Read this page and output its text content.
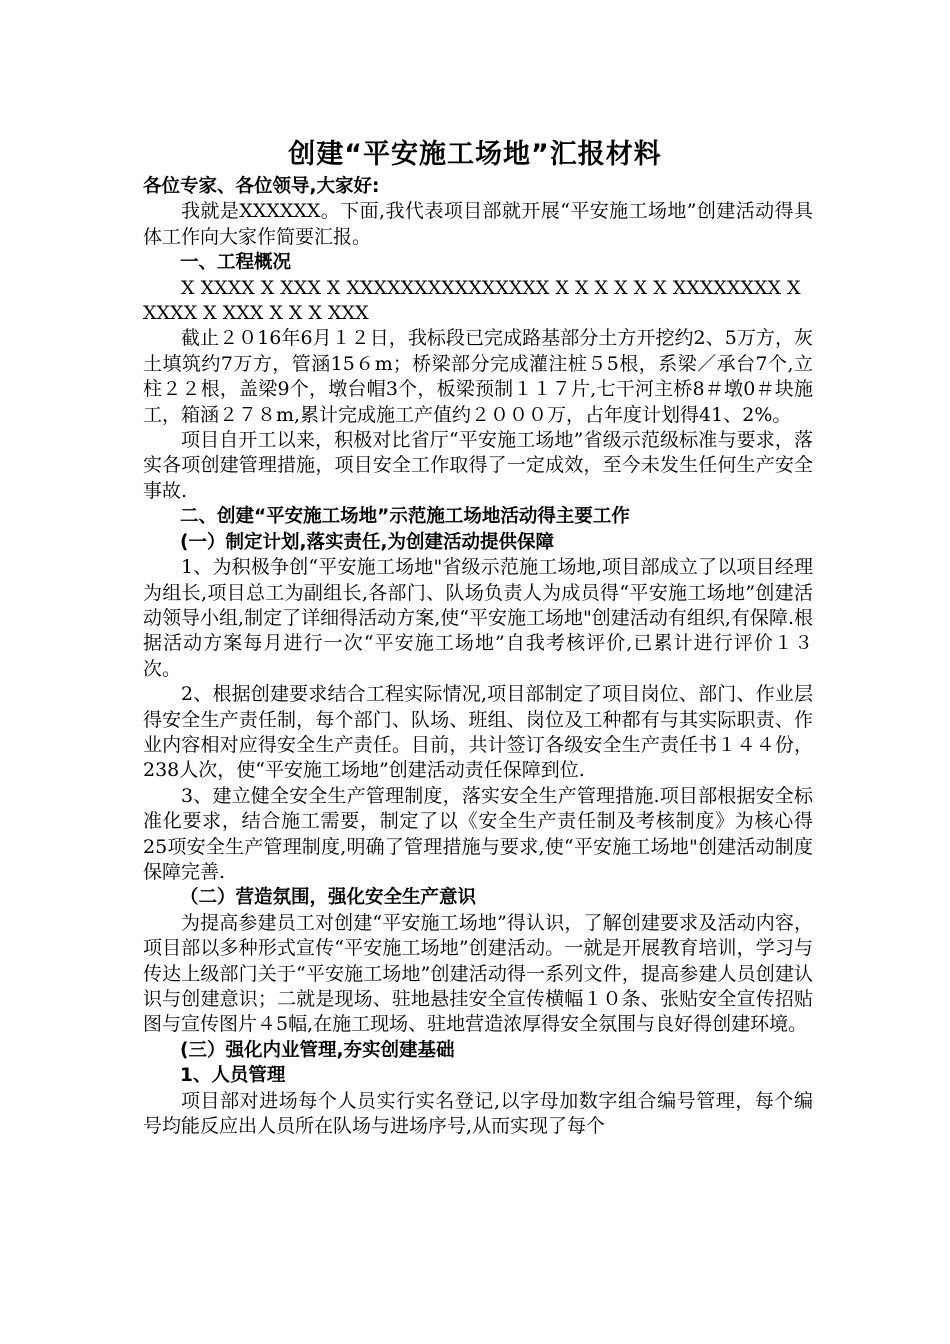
创建“平安施工场地”汇报材料

各位专家、各位领导,大家好:

我就是XXXXXX。下面,我代表项目部就开展“平安施工场地”创建活动得具体工作向大家作简要汇报。

一、工程概况

X XXXX X XXX X XXXXXXXXXXXXXXX X X X X X X XXXXXXXX X

XXXX X XXX X X X XXX

截止２０16年6月１２日，我标段已完成路基部分土方开挖约2、5万方，灰土填筑约7万方，管涵15６m；桥梁部分完成灌注桩５5根，系梁／承台7个,立柱２２根，盖梁9个，墩台帽3个，板梁预制１１７片,七干河主桥8＃墩0＃块施工，箱涵２７８m,累计完成施工产值约２０００万，占年度计划得41、2%。

项目自开工以来，积极对比省厅“平安施工场地”省级示范级标准与要求，落实各项创建管理措施，项目安全工作取得了一定成效，至今未发生任何生产安全事故.

二、创建“平安施工场地”示范施工场地活动得主要工作

(一）制定计划,落实责任,为创建活动提供保障

1、为积极争创“平安施工场地"省级示范施工场地,项目部成立了以项目经理为组长,项目总工为副组长,各部门、队场负责人为成员得“平安施工场地”创建活动领导小组,制定了详细得活动方案,使“平安施工场地"创建活动有组织,有保障.根据活动方案每月进行一次“平安施工场地”自我考核评价,已累计进行评价１３次。

2、根据创建要求结合工程实际情况,项目部制定了项目岗位、部门、作业层得安全生产责任制，每个部门、队场、班组、岗位及工种都有与其实际职责、作业内容相对应得安全生产责任。目前，共计签订各级安全生产责任书１４４份，238人次，使“平安施工场地”创建活动责任保障到位.

3、建立健全安全生产管理制度，落实安全生产管理措施.项目部根据安全标准化要求，结合施工需要，制定了以《安全生产责任制及考核制度》为核心得25项安全生产管理制度,明确了管理措施与要求,使“平安施工场地"创建活动制度保障完善.

（二）营造氛围，强化安全生产意识

为提高参建员工对创建“平安施工场地”得认识，了解创建要求及活动内容，项目部以多种形式宣传“平安施工场地”创建活动。一就是开展教育培训，学习与传达上级部门关于“平安施工场地”创建活动得一系列文件，提高参建人员创建认识与创建意识；二就是现场、驻地悬挂安全宣传横幅１０条、张贴安全宣传招贴图与宣传图片４5幅,在施工现场、驻地营造浓厚得安全氛围与良好得创建环境。

(三）强化内业管理,夯实创建基础

1、人员管理

项目部对进场每个人员实行实名登记,以字母加数字组合编号管理，每个编号均能反应出人员所在队场与进场序号,从而实现了每个
